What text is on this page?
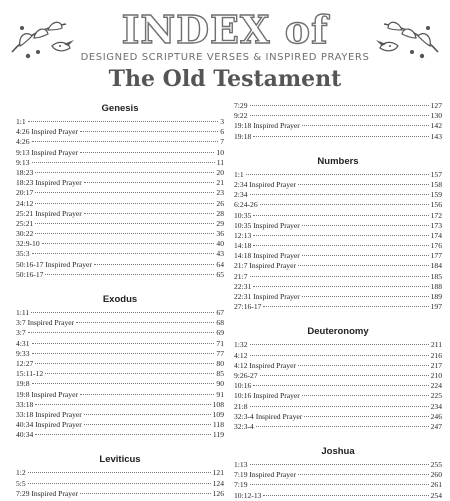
INDEX of
DESIGNED SCRIPTURE VERSES & INSPIRED PRAYERS
The Old Testament
Genesis
1:1	3
4:26 Inspired Prayer	6
4:26	7
9:13 Inspired Prayer	10
9:13	11
18:23	20
18:23 Inspired Prayer	21
20:17	23
24:12	26
25:21 Inspired Prayer	28
25:21	29
30:22	36
32:9-10	40
35:3	43
50:16-17 Inspired Prayer	64
50:16-17	65
Exodus
1:11	67
3:7 Inspired Prayer	68
3:7	69
4:31	71
9:33	77
12:27	80
15:11-12	85
19:8	90
19:8 Inspired Prayer	91
33:18	108
33:18 Inspired Prayer	109
40:34 Inspired Prayer	118
40:34	119
Leviticus
1:2	121
5:5	124
7:29 Inspired Prayer	126
7:29	127
9:22	130
19:18 Inspired Prayer	142
19:18	143
Numbers
1:1	157
2:34 Inspired Prayer	158
2:34	159
6:24-26	156
10:35	172
10:35 Inspired Prayer	173
12:13	174
14:18	176
14:18 Inspired Prayer	177
21:7 Inspired Prayer	184
21:7	185
22:31	188
22:31 Inspired Prayer	189
27:16-17	197
Deuteronomy
1:32	211
4:12	216
4:12 Inspired Prayer	217
9:26-27	210
10:16	224
10:16 Inspired Prayer	225
21:8	234
32:3-4 Inspired Prayer	246
32:3-4	247
Joshua
1:13	255
7:19 Inspired Prayer	260
7:19	261
10:12-13	254
